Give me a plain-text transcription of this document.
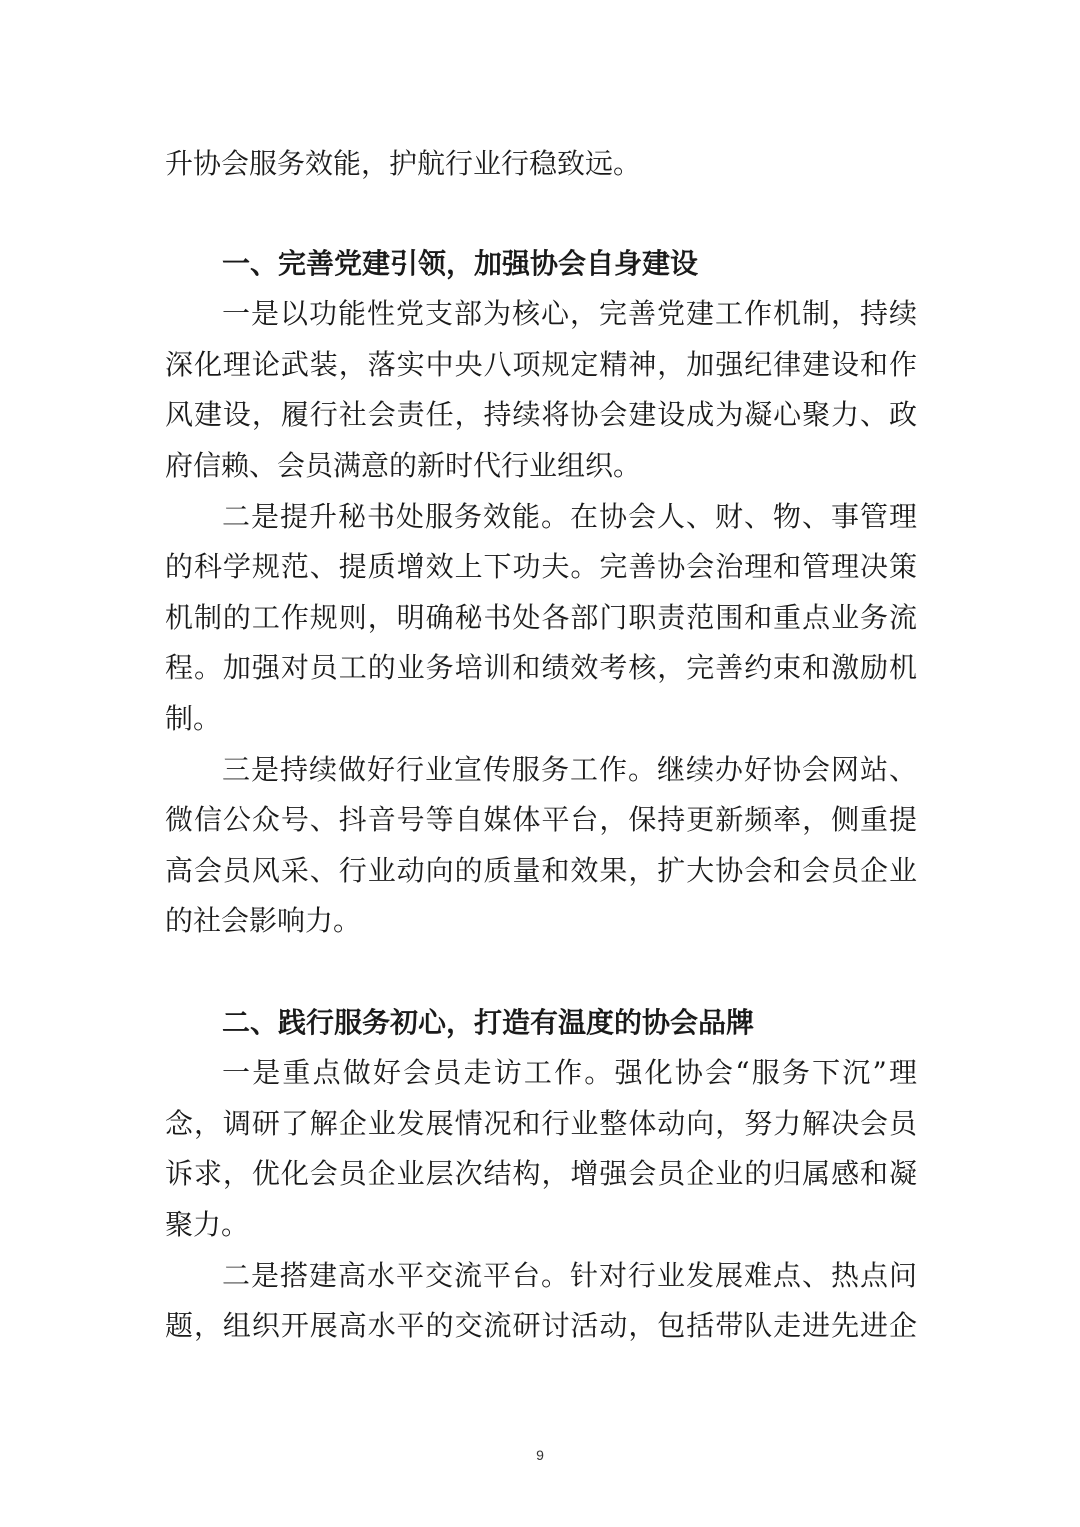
升协会服务效能，护航行业行稳致远。
一、完善党建引领，加强协会自身建设
一是以功能性党支部为核心，完善党建工作机制，持续
深化理论武装，落实中央八项规定精神，加强纪律建设和作
风建设，履行社会责任，持续将协会建设成为凝心聚力、政
府信赖、会员满意的新时代行业组织。
二是提升秘书处服务效能。在协会人、财、物、事管理
的科学规范、提质增效上下功夫。完善协会治理和管理决策
机制的工作规则，明确秘书处各部门职责范围和重点业务流
程。加强对员工的业务培训和绩效考核，完善约束和激励机
制。
三是持续做好行业宣传服务工作。继续办好协会网站、
微信公众号、抖音号等自媒体平台，保持更新频率，侧重提
高会员风采、行业动向的质量和效果，扩大协会和会员企业
的社会影响力。
二、践行服务初心，打造有温度的协会品牌
一是重点做好会员走访工作。强化协会“服务下沉”理
念，调研了解企业发展情况和行业整体动向，努力解决会员
诉求，优化会员企业层次结构，增强会员企业的归属感和凝
聚力。
二是搭建高水平交流平台。针对行业发展难点、热点问
题，组织开展高水平的交流研讨活动，包括带队走进先进企
9
